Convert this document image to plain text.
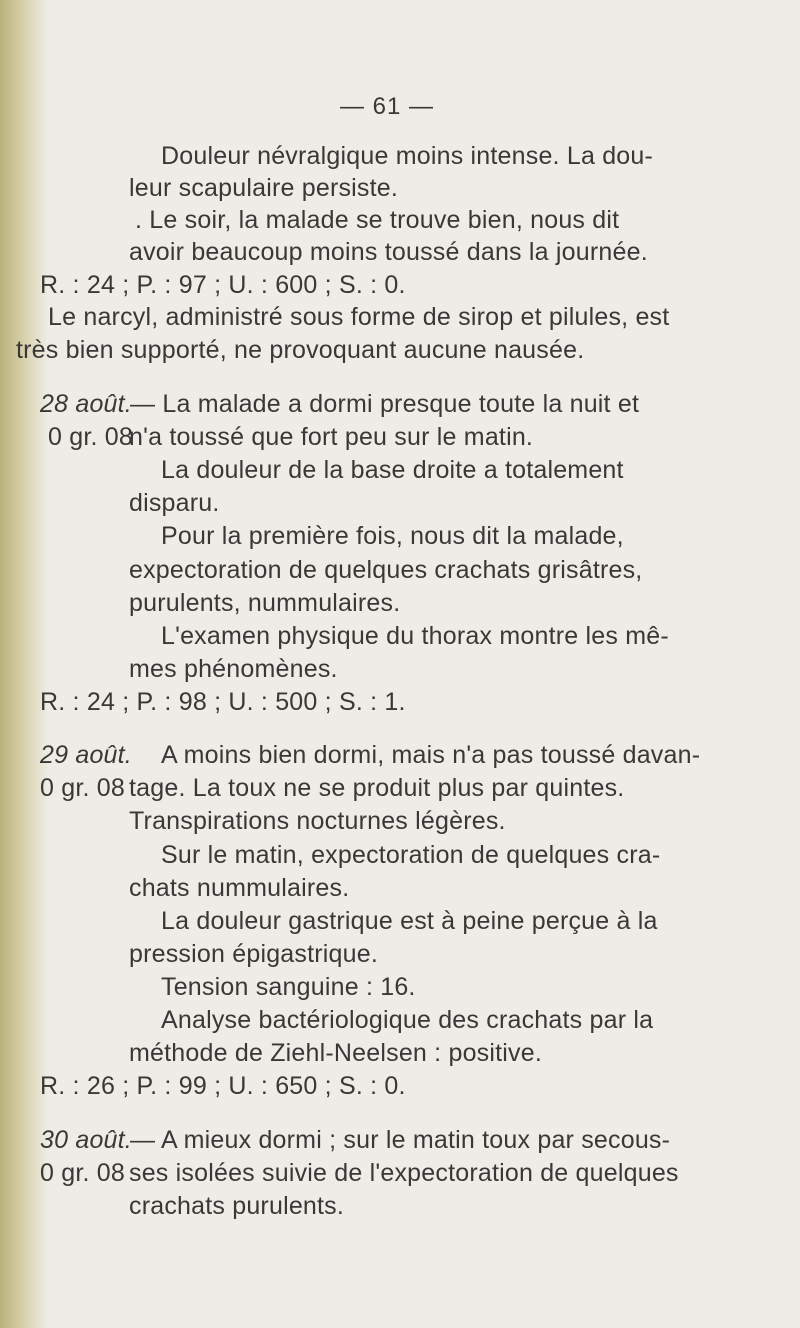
— 61 —
Douleur névralgique moins intense. La dou-
leur scapulaire persiste.
. Le soir, la malade se trouve bien, nous dit
avoir beaucoup moins toussé dans la journée.
R. : 24 ; P. : 97 ; U. : 600 ; S. : 0.
Le narcyl, administré sous forme de sirop et pilules, est
très bien supporté, ne provoquant aucune nausée.
28 août.
0 gr. 08
— La malade a dormi presque toute la nuit et
n'a toussé que fort peu sur le matin.
La douleur de la base droite a totalement
disparu.
Pour la première fois, nous dit la malade,
expectoration de quelques crachats grisâtres,
purulents, nummulaires.
L'examen physique du thorax montre les mê-
mes phénomènes.
R. : 24 ; P. : 98 ; U. : 500 ; S. : 1.
29 août.
0 gr. 08
A moins bien dormi, mais n'a pas toussé davan-
tage. La toux ne se produit plus par quintes.
Transpirations nocturnes légères.
Sur le matin, expectoration de quelques cra-
chats nummulaires.
La douleur gastrique est à peine perçue à la
pression épigastrique.
Tension sanguine : 16.
Analyse bactériologique des crachats par la
méthode de Ziehl-Neelsen : positive.
R. : 26 ; P. : 99 ; U. : 650 ; S. : 0.
30 août.
0 gr. 08
— A mieux dormi ; sur le matin toux par secous-
ses isolées suivie de l'expectoration de quelques
crachats purulents.
